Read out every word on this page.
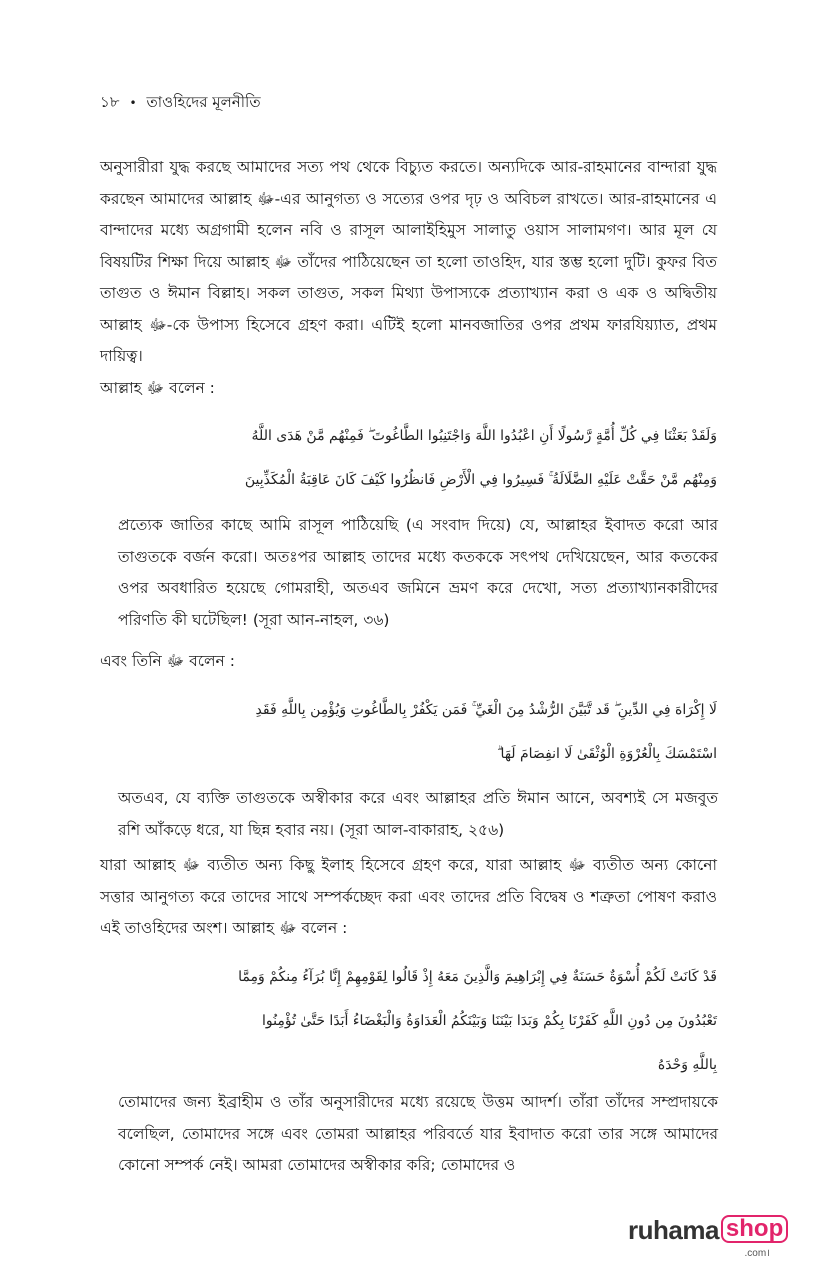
১৮ • তাওহিদের মূলনীতি

অনুসারীরা যুদ্ধ করছে আমাদের সত্য পথ থেকে বিচ্যুত করতে। অন্যদিকে আর-রাহমানের বান্দারা যুদ্ধ করছেন আমাদের আল্লাহ ﷻ-এর আনুগত্য ও সত্যের ওপর দৃঢ় ও অবিচল রাখতে। আর-রাহমানের এ বান্দাদের মধ্যে অগ্রগামী হলেন নবি ও রাসূল আলাইহিমুস সালাতু ওয়াস সালামগণ। আর মূল যে বিষয়টির শিক্ষা দিয়ে আল্লাহ ﷻ তাঁদের পাঠিয়েছেন তা হলো তাওহিদ, যার স্তম্ভ হলো দুটি। কুফর বিত তাগুত ও ঈমান বিল্লাহ। সকল তাগুত, সকল মিথ্যা উপাস্যকে প্রত্যাখ্যান করা ও এক ও অদ্বিতীয় আল্লাহ ﷻ-কে উপাস্য হিসেবে গ্রহণ করা। এটিই হলো মানবজাতির ওপর প্রথম ফারযিয়্যাত, প্রথম দায়িত্ব।

আল্লাহ ﷻ বলেন :

وَلَقَدْ بَعَثْنَا فِي كُلِّ أُمَّةٍ رَّسُولًا أَنِ اعْبُدُوا اللَّهَ وَاجْتَنِبُوا الطَّاغُوتَ ۖ فَمِنْهُم مَّنْ هَدَى اللَّهُ

وَمِنْهُم مَّنْ حَقَّتْ عَلَيْهِ الضَّلَالَةُ ۚ فَسِيرُوا فِي الْأَرْضِ فَانظُرُوا كَيْفَ كَانَ عَاقِبَةُ الْمُكَذِّبِينَ

প্রত্যেক জাতির কাছে আমি রাসূল পাঠিয়েছি (এ সংবাদ দিয়ে) যে, আল্লাহর ইবাদত করো আর তাগুতকে বর্জন করো। অতঃপর আল্লাহ তাদের মধ্যে কতককে সৎপথ দেখিয়েছেন, আর কতকের ওপর অবধারিত হয়েছে গোমরাহী, অতএব জমিনে ভ্রমণ করে দেখো, সত্য প্রত্যাখ্যানকারীদের পরিণতি কী ঘটেছিল! (সূরা আন-নাহল, ৩৬)

এবং তিনি ﷻ বলেন :

لَا إِكْرَاهَ فِي الدِّينِ ۖ قَد تَّبَيَّنَ الرُّشْدُ مِنَ الْغَيِّ ۚ فَمَن يَكْفُرْ بِالطَّاغُوتِ وَيُؤْمِن بِاللَّهِ فَقَدِ

اسْتَمْسَكَ بِالْعُرْوَةِ الْوُثْقَىٰ لَا انفِصَامَ لَهَا ۗ

অতএব, যে ব্যক্তি তাগুতকে অস্বীকার করে এবং আল্লাহর প্রতি ঈমান আনে, অবশ্যই সে মজবুত রশি আঁকড়ে ধরে, যা ছিন্ন হবার নয়। (সূরা আল-বাকারাহ, ২৫৬)

যারা আল্লাহ ﷻ ব্যতীত অন্য কিছু ইলাহ হিসেবে গ্রহণ করে, যারা আল্লাহ ﷻ ব্যতীত অন্য কোনো সত্তার আনুগত্য করে তাদের সাথে সম্পর্কচ্ছেদ করা এবং তাদের প্রতি বিদ্বেষ ও শত্রুতা পোষণ করাও এই তাওহিদের অংশ। আল্লাহ ﷻ বলেন :

قَدْ كَانَتْ لَكُمْ أُسْوَةٌ حَسَنَةٌ فِي إِبْرَاهِيمَ وَالَّذِينَ مَعَهُ إِذْ قَالُوا لِقَوْمِهِمْ إِنَّا بُرَآءُ مِنكُمْ وَمِمَّا

تَعْبُدُونَ مِن دُونِ اللَّهِ كَفَرْنَا بِكُمْ وَبَدَا بَيْنَنَا وَبَيْنَكُمُ الْعَدَاوَةُ وَالْبَغْضَاءُ أَبَدًا حَتَّىٰ تُؤْمِنُوا

بِاللَّهِ وَحْدَهُ

তোমাদের জন্য ইব্রাহীম ও তাঁর অনুসারীদের মধ্যে রয়েছে উত্তম আদর্শ। তাঁরা তাঁদের সম্প্রদায়কে বলেছিল, তোমাদের সঙ্গে এবং তোমরা আল্লাহর পরিবর্তে যার ইবাদাত করো তার সঙ্গে আমাদের কোনো সম্পর্ক নেই। আমরা তোমাদের অস্বীকার করি; তোমাদের ও

ruhama shop
.com।
